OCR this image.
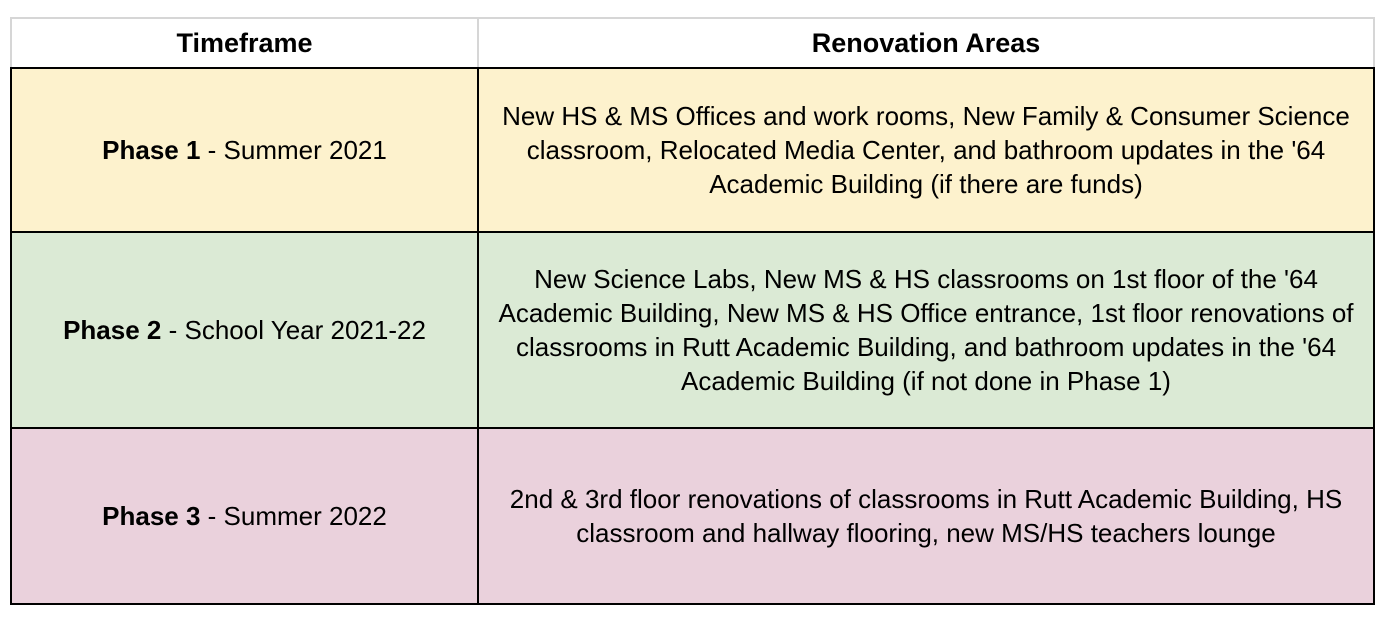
Timeframe	Renovation Areas
Phase 1 - Summer 2021	New HS & MS Offices and work rooms, New Family & Consumer Science classroom, Relocated Media Center, and bathroom updates in the '64 Academic Building (if there are funds)
Phase 2 - School Year 2021-22	New Science Labs, New MS & HS classrooms on 1st floor of the '64 Academic Building, New MS & HS Office entrance, 1st floor renovations of classrooms in Rutt Academic Building, and bathroom updates in the '64 Academic Building (if not done in Phase 1)
Phase 3 - Summer 2022	2nd & 3rd floor renovations of classrooms in Rutt Academic Building, HS classroom and hallway flooring, new MS/HS teachers lounge
